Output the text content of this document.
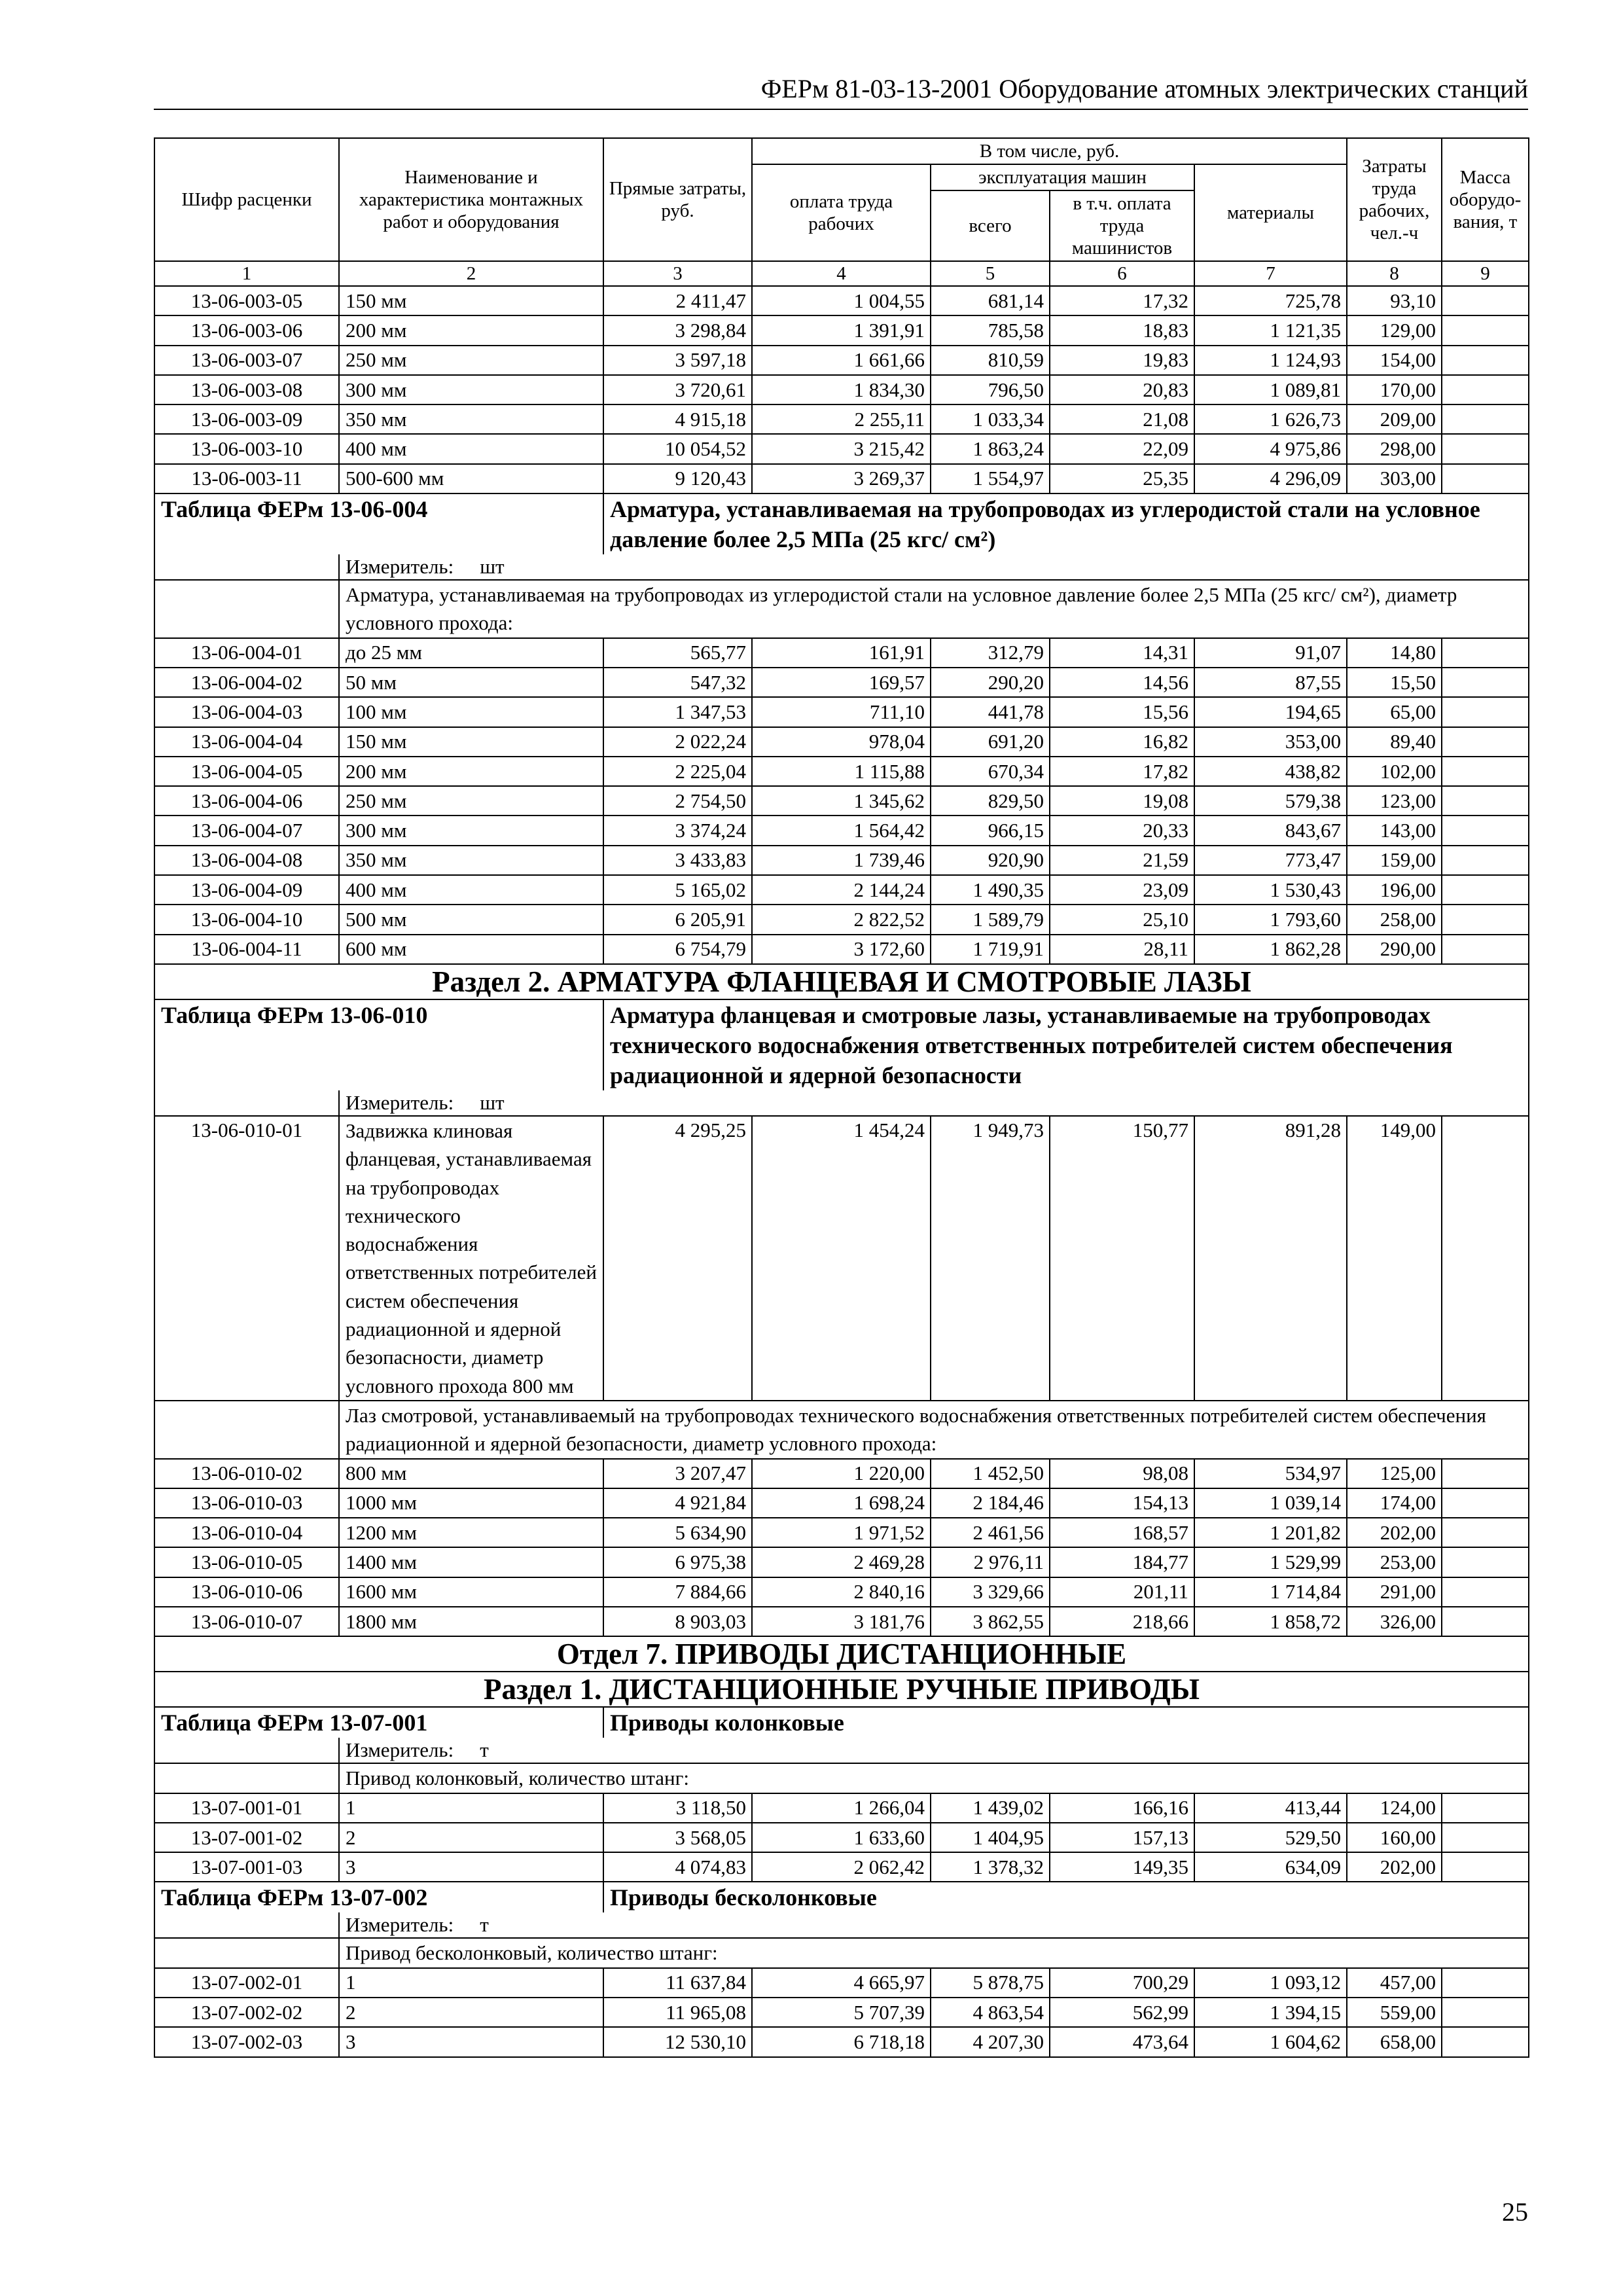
ФЕРм 81-03-13-2001 Оборудование атомных электрических станций
Шифр расценки	Наименование и характеристика монтажных работ и оборудования	Прямые затраты, руб.	В том числе, руб.				Затраты труда рабочих, чел.-ч	Масса оборудо-вания, т
			оплата труда рабочих	эксплуатация машин		материалы		
				всего	в т.ч. оплата труда машинистов			
1	2	3	4	5	6	7	8	9
13-06-003-05	150 мм	2 411,47	1 004,55	681,14	17,32	725,78	93,10	
13-06-003-06	200 мм	3 298,84	1 391,91	785,58	18,83	1 121,35	129,00	
13-06-003-07	250 мм	3 597,18	1 661,66	810,59	19,83	1 124,93	154,00	
13-06-003-08	300 мм	3 720,61	1 834,30	796,50	20,83	1 089,81	170,00	
13-06-003-09	350 мм	4 915,18	2 255,11	1 033,34	21,08	1 626,73	209,00	
13-06-003-10	400 мм	10 054,52	3 215,42	1 863,24	22,09	4 975,86	298,00	
13-06-003-11	500-600 мм	9 120,43	3 269,37	1 554,97	25,35	4 296,09	303,00	
Таблица ФЕРм 13-06-004		Арматура, устанавливаемая на трубопроводах из углеродистой стали на условное давление более 2,5 МПа (25 кгс/ см²)						
	Измеритель: шт							
	Арматура, устанавливаемая на трубопроводах из углеродистой стали на условное давление более 2,5 МПа (25 кгс/ см²), диаметр условного прохода:							
13-06-004-01	до 25 мм	565,77	161,91	312,79	14,31	91,07	14,80	
13-06-004-02	50 мм	547,32	169,57	290,20	14,56	87,55	15,50	
13-06-004-03	100 мм	1 347,53	711,10	441,78	15,56	194,65	65,00	
13-06-004-04	150 мм	2 022,24	978,04	691,20	16,82	353,00	89,40	
13-06-004-05	200 мм	2 225,04	1 115,88	670,34	17,82	438,82	102,00	
13-06-004-06	250 мм	2 754,50	1 345,62	829,50	19,08	579,38	123,00	
13-06-004-07	300 мм	3 374,24	1 564,42	966,15	20,33	843,67	143,00	
13-06-004-08	350 мм	3 433,83	1 739,46	920,90	21,59	773,47	159,00	
13-06-004-09	400 мм	5 165,02	2 144,24	1 490,35	23,09	1 530,43	196,00	
13-06-004-10	500 мм	6 205,91	2 822,52	1 589,79	25,10	1 793,60	258,00	
13-06-004-11	600 мм	6 754,79	3 172,60	1 719,91	28,11	1 862,28	290,00	
Раздел 2. АРМАТУРА ФЛАНЦЕВАЯ И СМОТРОВЫЕ ЛАЗЫ								
Таблица ФЕРм 13-06-010		Арматура фланцевая и смотровые лазы, устанавливаемые на трубопроводах технического водоснабжения ответственных потребителей систем обеспечения радиационной и ядерной безопасности						
	Измеритель: шт							
13-06-010-01	Задвижка клиновая фланцевая, устанавливаемая на трубопроводах технического водоснабжения ответственных потребителей систем обеспечения радиационной и ядерной безопасности, диаметр условного прохода 800 мм	4 295,25	1 454,24	1 949,73	150,77	891,28	149,00	
	Лаз смотровой, устанавливаемый на трубопроводах технического водоснабжения ответственных потребителей систем обеспечения радиационной и ядерной безопасности, диаметр условного прохода:							
13-06-010-02	800 мм	3 207,47	1 220,00	1 452,50	98,08	534,97	125,00	
13-06-010-03	1000 мм	4 921,84	1 698,24	2 184,46	154,13	1 039,14	174,00	
13-06-010-04	1200 мм	5 634,90	1 971,52	2 461,56	168,57	1 201,82	202,00	
13-06-010-05	1400 мм	6 975,38	2 469,28	2 976,11	184,77	1 529,99	253,00	
13-06-010-06	1600 мм	7 884,66	2 840,16	3 329,66	201,11	1 714,84	291,00	
13-06-010-07	1800 мм	8 903,03	3 181,76	3 862,55	218,66	1 858,72	326,00	
Отдел 7. ПРИВОДЫ ДИСТАНЦИОННЫЕ								
Раздел 1. ДИСТАНЦИОННЫЕ РУЧНЫЕ ПРИВОДЫ								
Таблица ФЕРм 13-07-001		Приводы колонковые						
	Измеритель: т							
	Привод колонковый, количество штанг:							
13-07-001-01	1	3 118,50	1 266,04	1 439,02	166,16	413,44	124,00	
13-07-001-02	2	3 568,05	1 633,60	1 404,95	157,13	529,50	160,00	
13-07-001-03	3	4 074,83	2 062,42	1 378,32	149,35	634,09	202,00	
Таблица ФЕРм 13-07-002		Приводы бесколонковые						
	Измеритель: т							
	Привод бесколонковый, количество штанг:							
13-07-002-01	1	11 637,84	4 665,97	5 878,75	700,29	1 093,12	457,00	
13-07-002-02	2	11 965,08	5 707,39	4 863,54	562,99	1 394,15	559,00	
13-07-002-03	3	12 530,10	6 718,18	4 207,30	473,64	1 604,62	658,00	
25
